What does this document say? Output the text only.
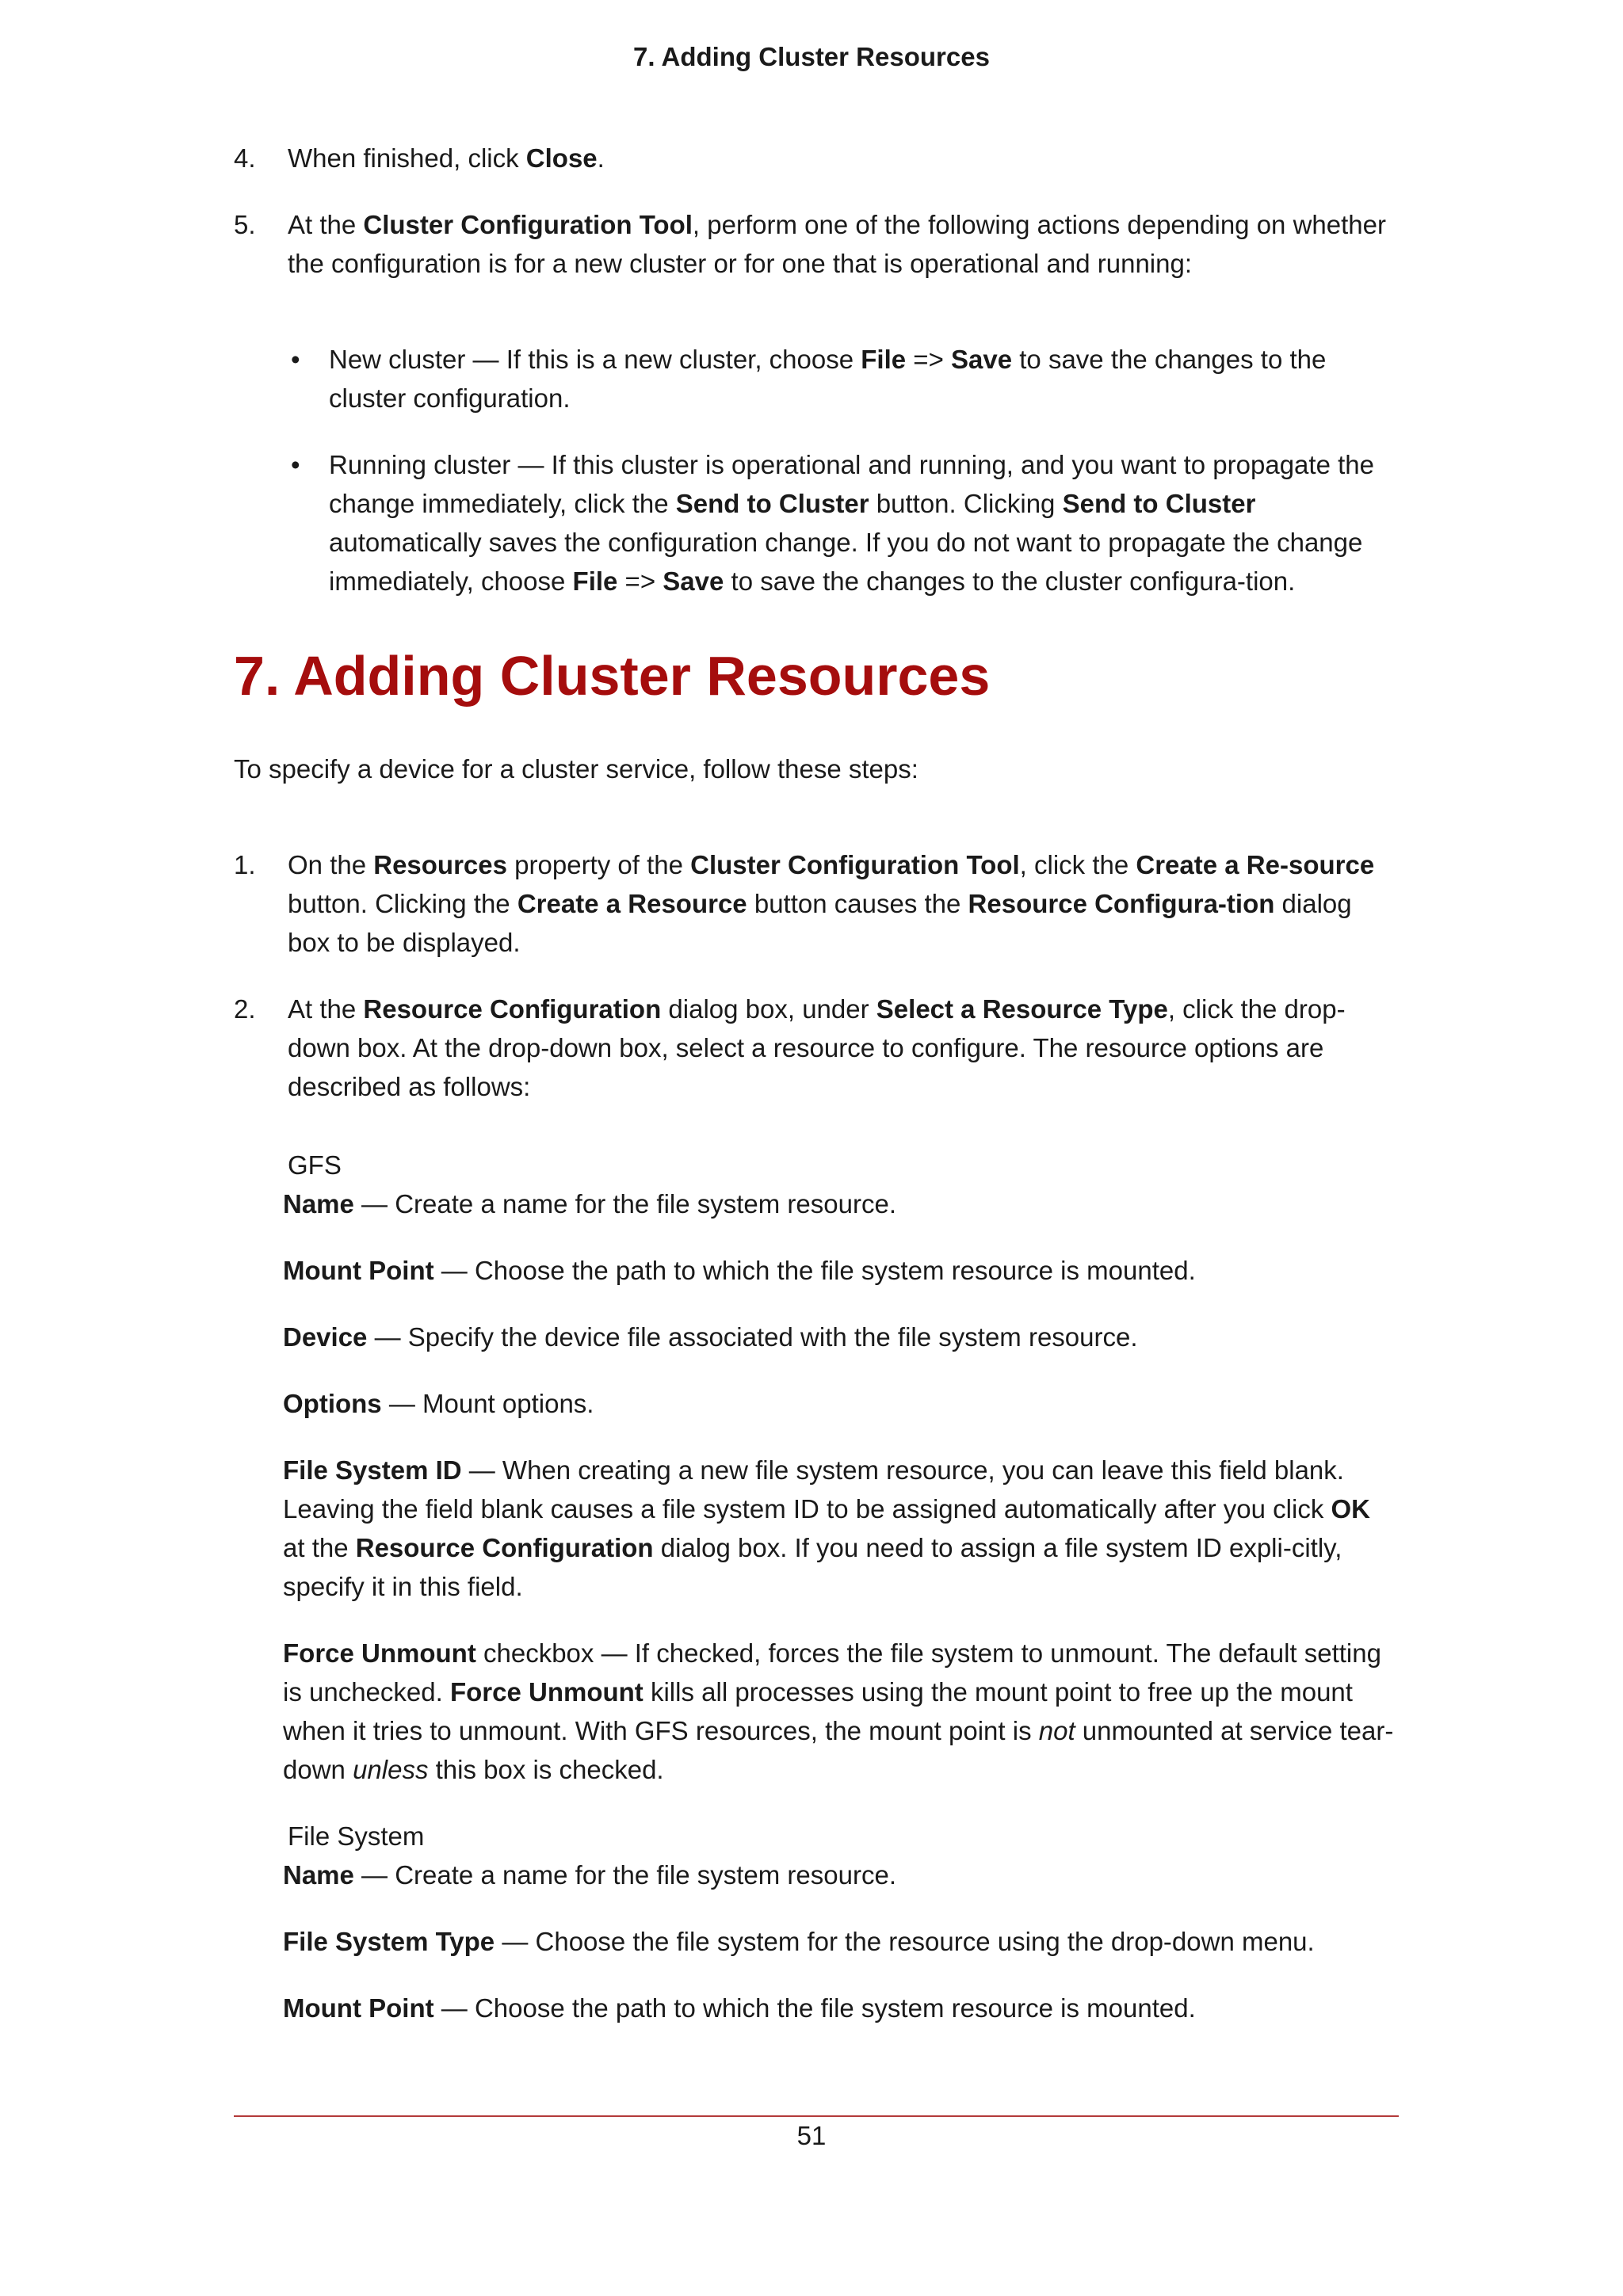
7. Adding Cluster Resources
4. When finished, click Close.
5. At the Cluster Configuration Tool, perform one of the following actions depending on whether the configuration is for a new cluster or for one that is operational and running:
• New cluster — If this is a new cluster, choose File => Save to save the changes to the cluster configuration.
• Running cluster — If this cluster is operational and running, and you want to propagate the change immediately, click the Send to Cluster button. Clicking Send to Cluster automatically saves the configuration change. If you do not want to propagate the change immediately, choose File => Save to save the changes to the cluster configura-tion.
7. Adding Cluster Resources
To specify a device for a cluster service, follow these steps:
1. On the Resources property of the Cluster Configuration Tool, click the Create a Re-source button. Clicking the Create a Resource button causes the Resource Configura-tion dialog box to be displayed.
2. At the Resource Configuration dialog box, under Select a Resource Type, click the drop-down box. At the drop-down box, select a resource to configure. The resource options are described as follows:
GFS
Name — Create a name for the file system resource.
Mount Point — Choose the path to which the file system resource is mounted.
Device — Specify the device file associated with the file system resource.
Options — Mount options.
File System ID — When creating a new file system resource, you can leave this field blank. Leaving the field blank causes a file system ID to be assigned automatically after you click OK at the Resource Configuration dialog box. If you need to assign a file system ID expli-citly, specify it in this field.
Force Unmount checkbox — If checked, forces the file system to unmount. The default setting is unchecked. Force Unmount kills all processes using the mount point to free up the mount when it tries to unmount. With GFS resources, the mount point is not unmounted at service tear-down unless this box is checked.
File System
Name — Create a name for the file system resource.
File System Type — Choose the file system for the resource using the drop-down menu.
Mount Point — Choose the path to which the file system resource is mounted.
51
